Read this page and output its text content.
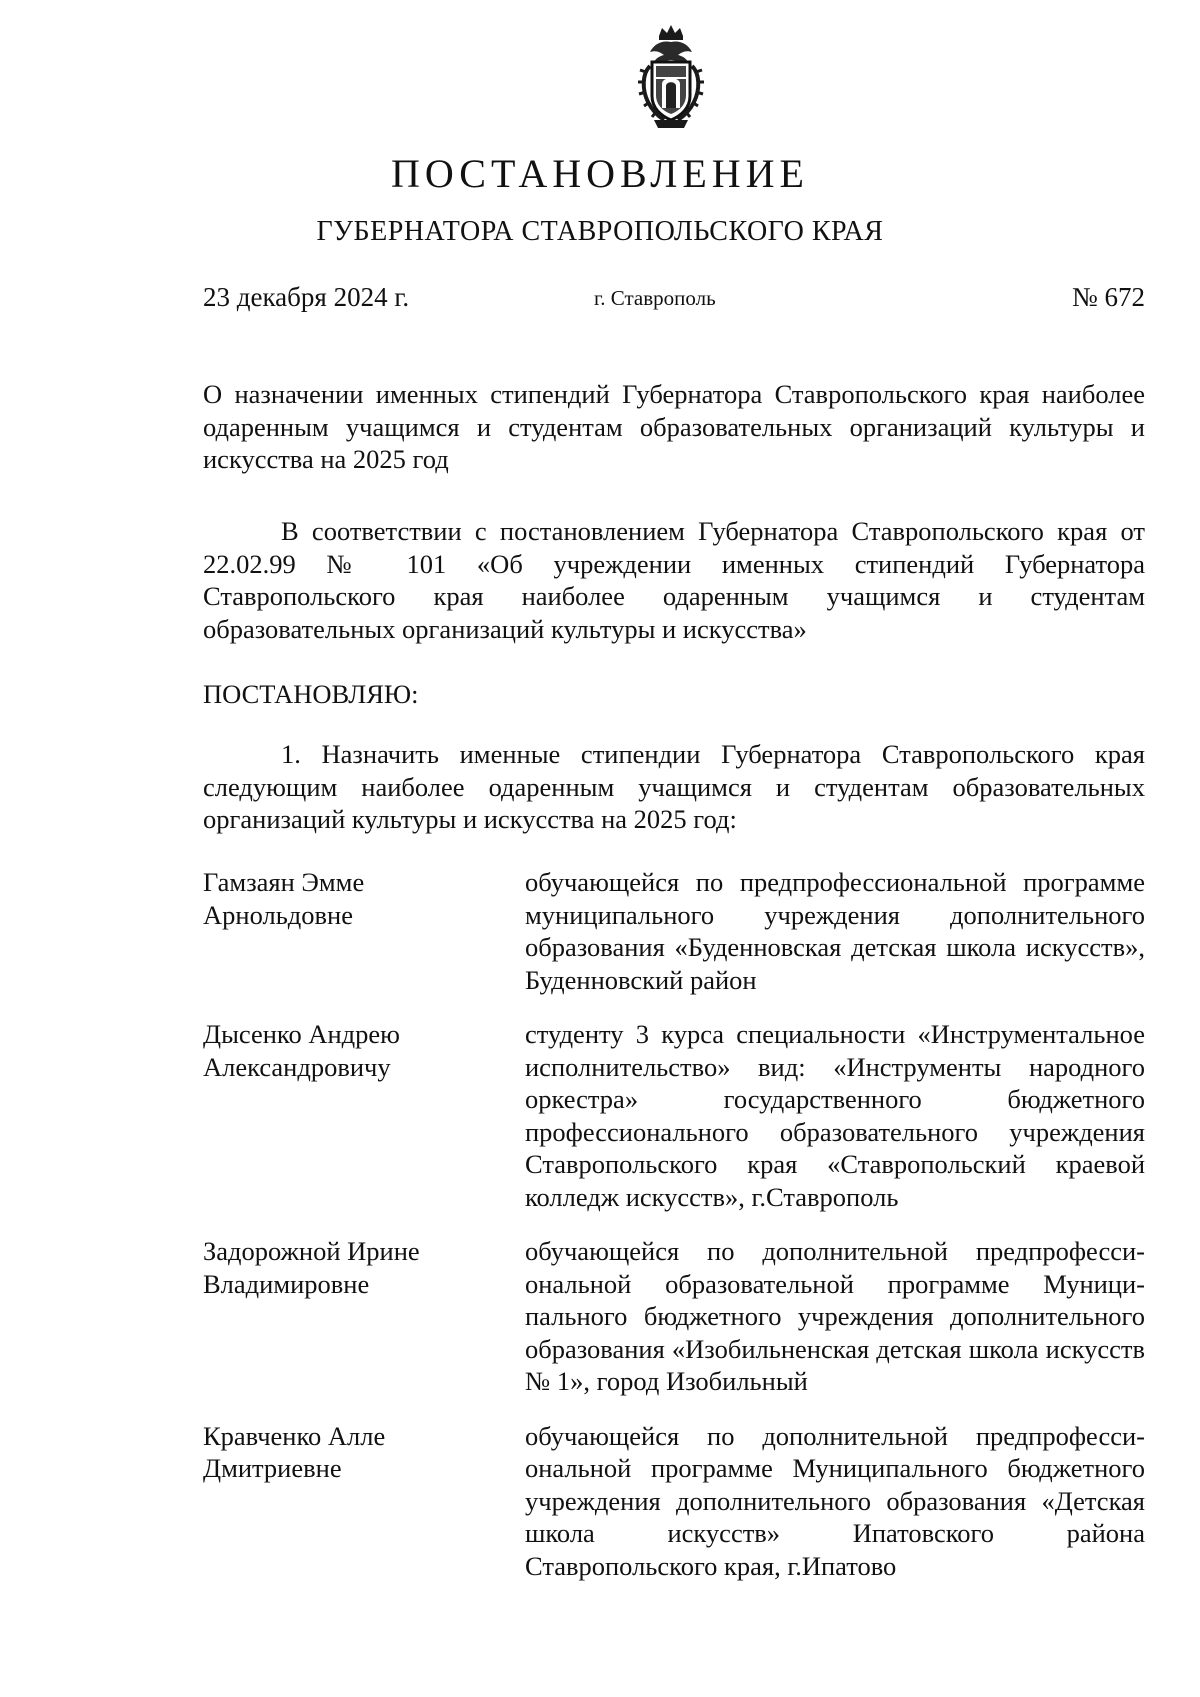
ПОСТАНОВЛЕНИЕ
ГУБЕРНАТОРА СТАВРОПОЛЬСКОГО КРАЯ
23 декабря 2024 г.	г. Ставрополь	№ 672

О назначении именных стипендий Губернатора Ставропольского края наиболее одаренным учащимся и студентам образовательных организаций культуры и искусства на 2025 год

В соответствии с постановлением Губернатора Ставропольского края от 22.02.99 № 101 «Об учреждении именных стипендий Губернатора Ставропольского края наиболее одаренным учащимся и студентам образовательных организаций культуры и искусства»

ПОСТАНОВЛЯЮ:

1. Назначить именные стипендии Губернатора Ставропольского края следующим наиболее одаренным учащимся и студентам образовательных организаций культуры и искусства на 2025 год:

Гамзаян Эмме
Арнольдовне
обучающейся по предпрофессиональной программе муниципального учреждения дополнительного образования «Буденновская детская школа искусств», Буденновский район
Дысенко Андрею
Александровичу
студенту 3 курса специальности «Инструментальное исполнительство» вид: «Инструменты народного оркестра» государственного бюджетного профессионального образовательного учреждения Ставропольского края «Ставропольский краевой колледж искусств», г.Ставрополь
Задорожной Ирине
Владимировне
обучающейся по дополнительной предпрофессиональной образовательной программе Муниципального бюджетного учреждения дополнительного образования «Изобильненская детская школа искусств № 1», город Изобильный
Кравченко Алле
Дмитриевне
обучающейся по дополнительной предпрофессиональной программе Муниципального бюджетного учреждения дополнительного образования «Детская школа искусств» Ипатовского района Ставропольского края, г.Ипатово
